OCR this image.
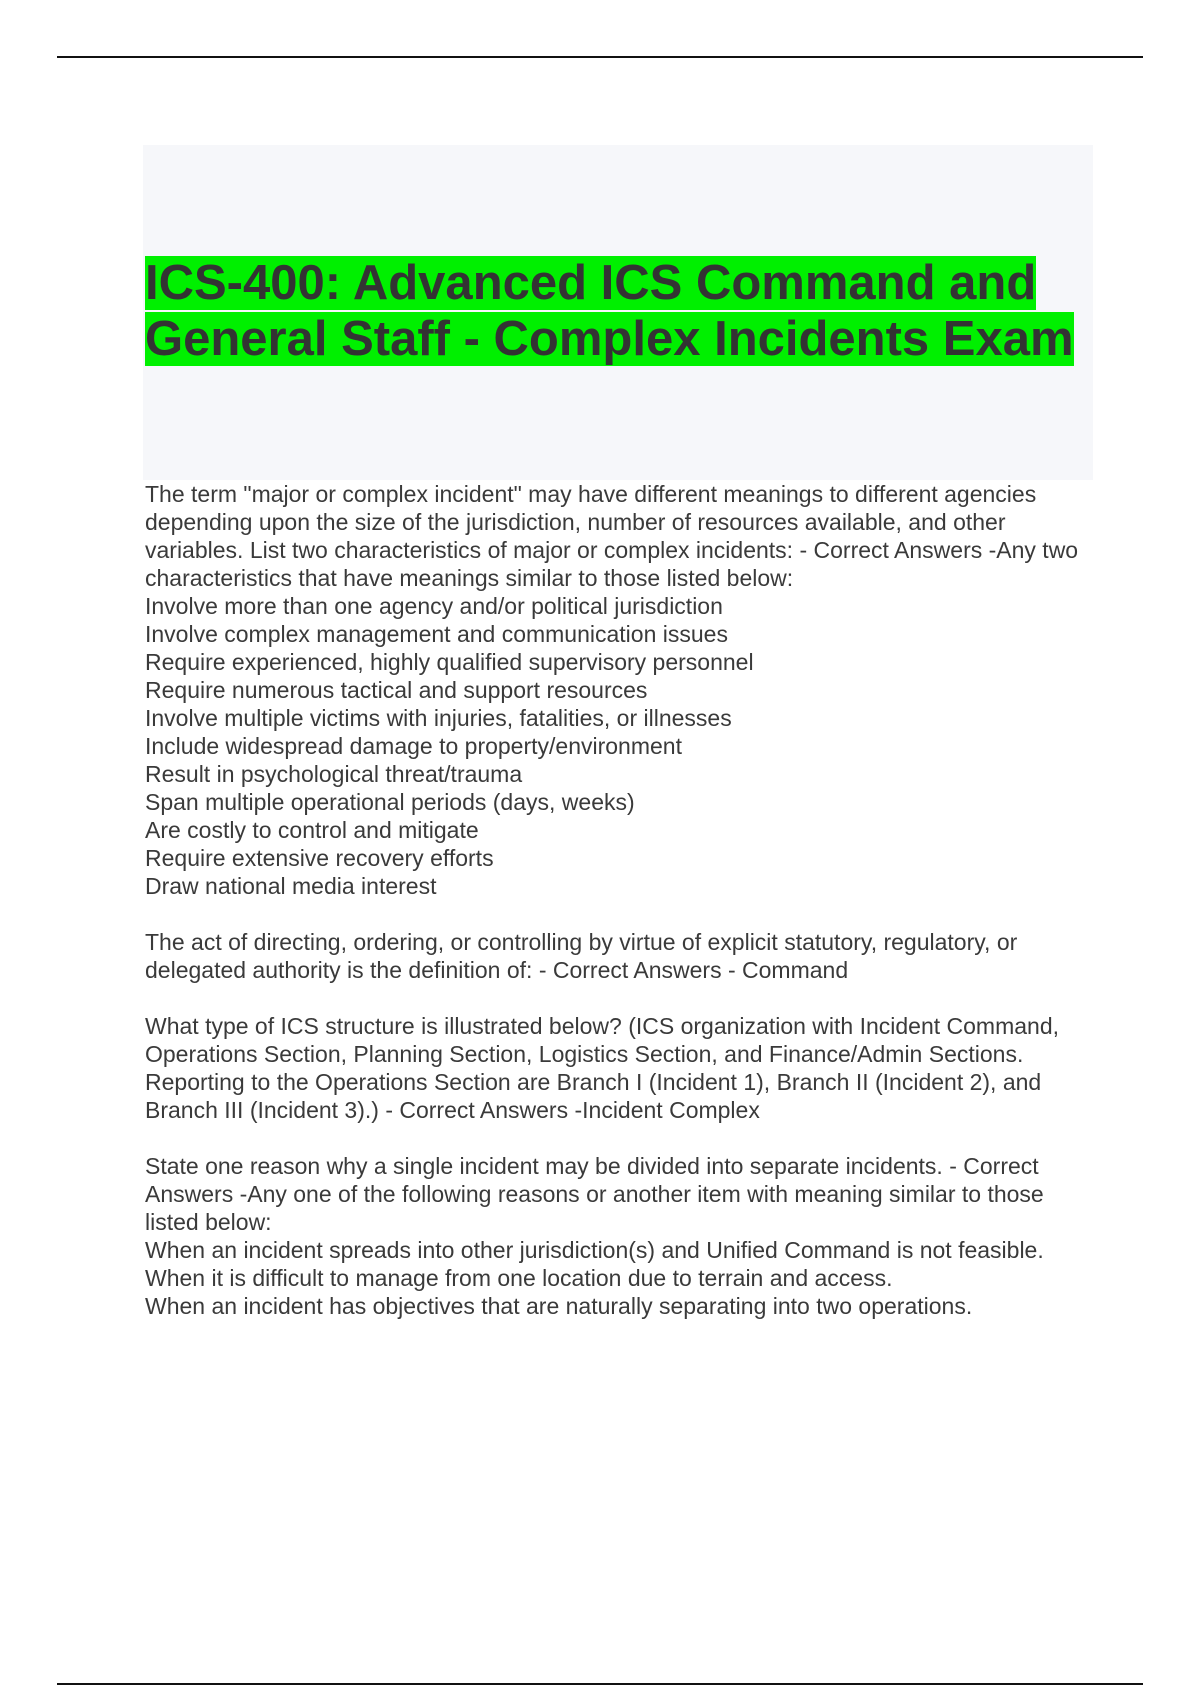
ICS-400: Advanced ICS Command and
General Staff - Complex Incidents Exam

The term "major or complex incident" may have different meanings to different agencies depending upon the size of the jurisdiction, number of resources available, and other variables. List two characteristics of major or complex incidents: - Correct Answers -Any two characteristics that have meanings similar to those listed below:

Involve more than one agency and/or political jurisdiction
Involve complex management and communication issues
Require experienced, highly qualified supervisory personnel
Require numerous tactical and support resources
Involve multiple victims with injuries, fatalities, or illnesses
Include widespread damage to property/environment
Result in psychological threat/trauma
Span multiple operational periods (days, weeks)
Are costly to control and mitigate
Require extensive recovery efforts
Draw national media interest

The act of directing, ordering, or controlling by virtue of explicit statutory, regulatory, or delegated authority is the definition of: - Correct Answers - Command

What type of ICS structure is illustrated below? (ICS organization with Incident Command, Operations Section, Planning Section, Logistics Section, and Finance/Admin Sections. Reporting to the Operations Section are Branch I (Incident 1), Branch II (Incident 2), and Branch III (Incident 3).) - Correct Answers -Incident Complex

State one reason why a single incident may be divided into separate incidents. - Correct Answers -Any one of the following reasons or another item with meaning similar to those listed below:

When an incident spreads into other jurisdiction(s) and Unified Command is not feasible.
When it is difficult to manage from one location due to terrain and access.
When an incident has objectives that are naturally separating into two operations.
